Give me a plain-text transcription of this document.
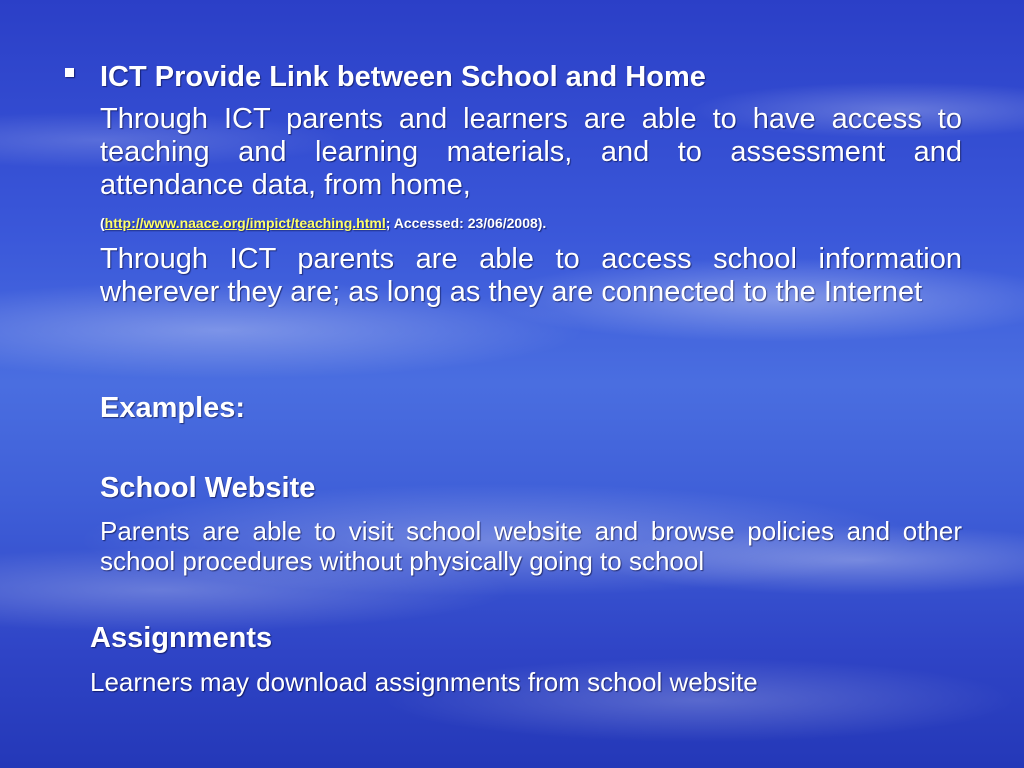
ICT Provide Link between School and Home
Through ICT parents and learners are able to have access to teaching and learning materials, and to assessment and attendance data, from home,
(http://www.naace.org/impict/teaching.html; Accessed: 23/06/2008).
Through ICT parents are able to access school information wherever they are; as long as they are connected to the Internet
Examples:
School Website
Parents are able to visit school website and browse policies and other school procedures without physically going to school
Assignments
Learners may download assignments from school website
